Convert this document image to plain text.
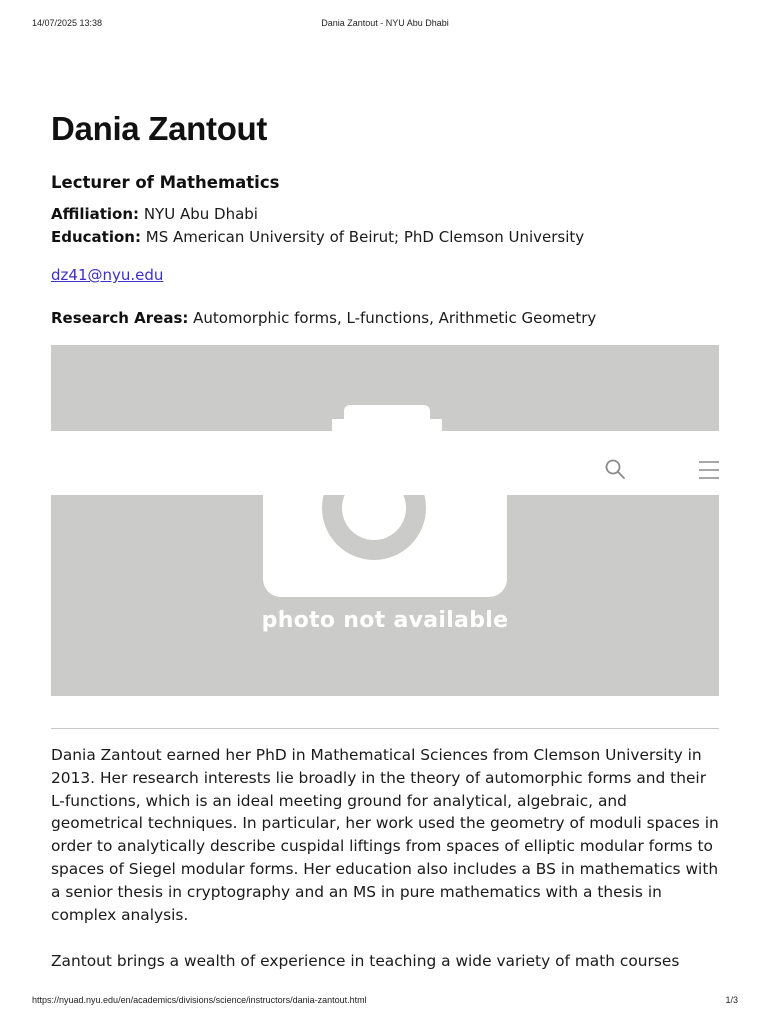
14/07/2025 13:38	Dania Zantout - NYU Abu Dhabi
Dania Zantout
Lecturer of Mathematics
Affiliation: NYU Abu Dhabi
Education: MS American University of Beirut; PhD Clemson University
dz41@nyu.edu
Research Areas: Automorphic forms, L-functions, Arithmetic Geometry
photo not available

Dania Zantout earned her PhD in Mathematical Sciences from Clemson University in 2013. Her research interests lie broadly in the theory of automorphic forms and their L-functions, which is an ideal meeting ground for analytical, algebraic, and geometrical techniques. In particular, her work used the geometry of moduli spaces in order to analytically describe cuspidal liftings from spaces of elliptic modular forms to spaces of Siegel modular forms. Her education also includes a BS in mathematics with a senior thesis in cryptography and an MS in pure mathematics with a thesis in complex analysis.

Zantout brings a wealth of experience in teaching a wide variety of math courses

https://nyuad.nyu.edu/en/academics/divisions/science/instructors/dania-zantout.html	1/3
